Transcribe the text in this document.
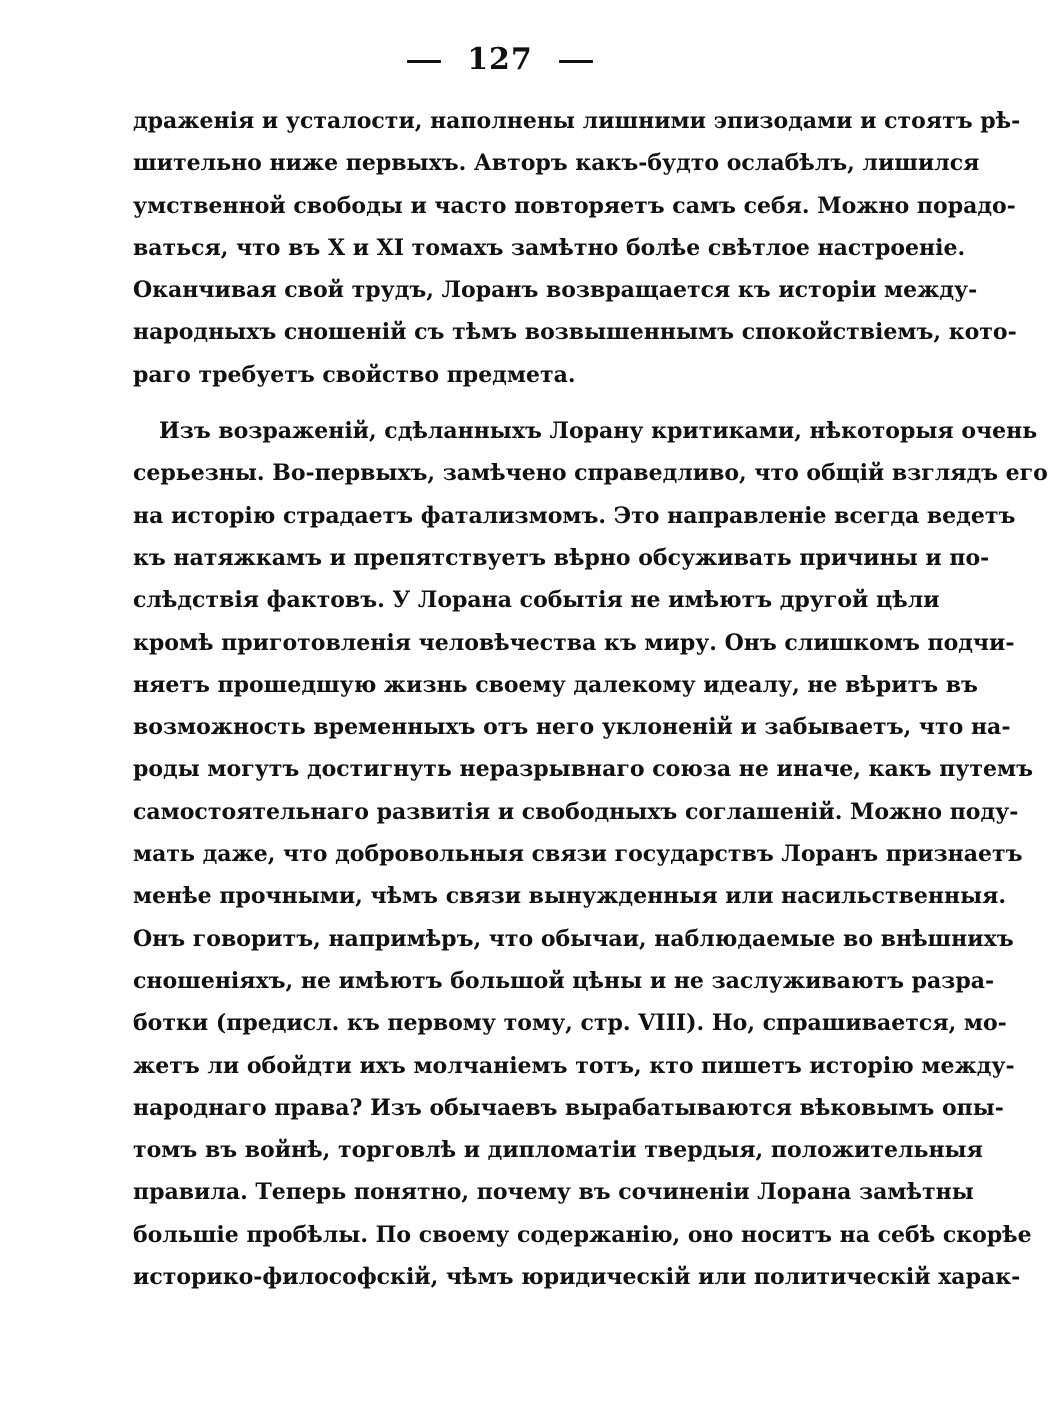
127
драженія и усталости, наполнены лишними эпизодами и стоятъ рѣ-
шительно ниже первыхъ. Авторъ какъ-будто ослабѣлъ, лишился
умственной свободы и часто повторяетъ самъ себя. Можно порадо-
ваться, что въ X и XI томахъ замѣтно болѣе свѣтлое настроеніе.
Оканчивая свой трудъ, Лоранъ возвращается къ исторіи между-
народныхъ сношеній съ тѣмъ возвышеннымъ спокойствіемъ, кото-
раго требуетъ свойство предмета.
Изъ возраженій, сдѣланныхъ Лорану критиками, нѣкоторыя очень
серьезны. Во-первыхъ, замѣчено справедливо, что общій взглядъ его
на исторію страдаетъ фатализмомъ. Это направленіе всегда ведетъ
къ натяжкамъ и препятствуетъ вѣрно обсуживать причины и по-
слѣдствія фактовъ. У Лорана событія не имѣютъ другой цѣли
кромѣ приготовленія человѣчества къ миру. Онъ слишкомъ подчи-
няетъ прошедшую жизнь своему далекому идеалу, не вѣритъ въ
возможность временныхъ отъ него уклоненій и забываетъ, что на-
роды могутъ достигнуть неразрывнаго союза не иначе, какъ путемъ
самостоятельнаго развитія и свободныхъ соглашеній. Можно поду-
мать даже, что добровольныя связи государствъ Лоранъ признаетъ
менѣе прочными, чѣмъ связи вынужденныя или насильственныя.
Онъ говоритъ, напримѣръ, что обычаи, наблюдаемые во внѣшнихъ
сношеніяхъ, не имѣютъ большой цѣны и не заслуживаютъ разра-
ботки (предисл. къ первому тому, стр. VIII). Но, спрашивается, мо-
жетъ ли обойдти ихъ молчаніемъ тотъ, кто пишетъ исторію между-
народнаго права? Изъ обычаевъ вырабатываются вѣковымъ опы-
томъ въ войнѣ, торговлѣ и дипломатіи твердыя, положительныя
правила. Теперь понятно, почему въ сочиненіи Лорана замѣтны
большіе пробѣлы. По своему содержанію, оно носитъ на себѣ скорѣе
историко-философскій, чѣмъ юридическій или политическій харак-
